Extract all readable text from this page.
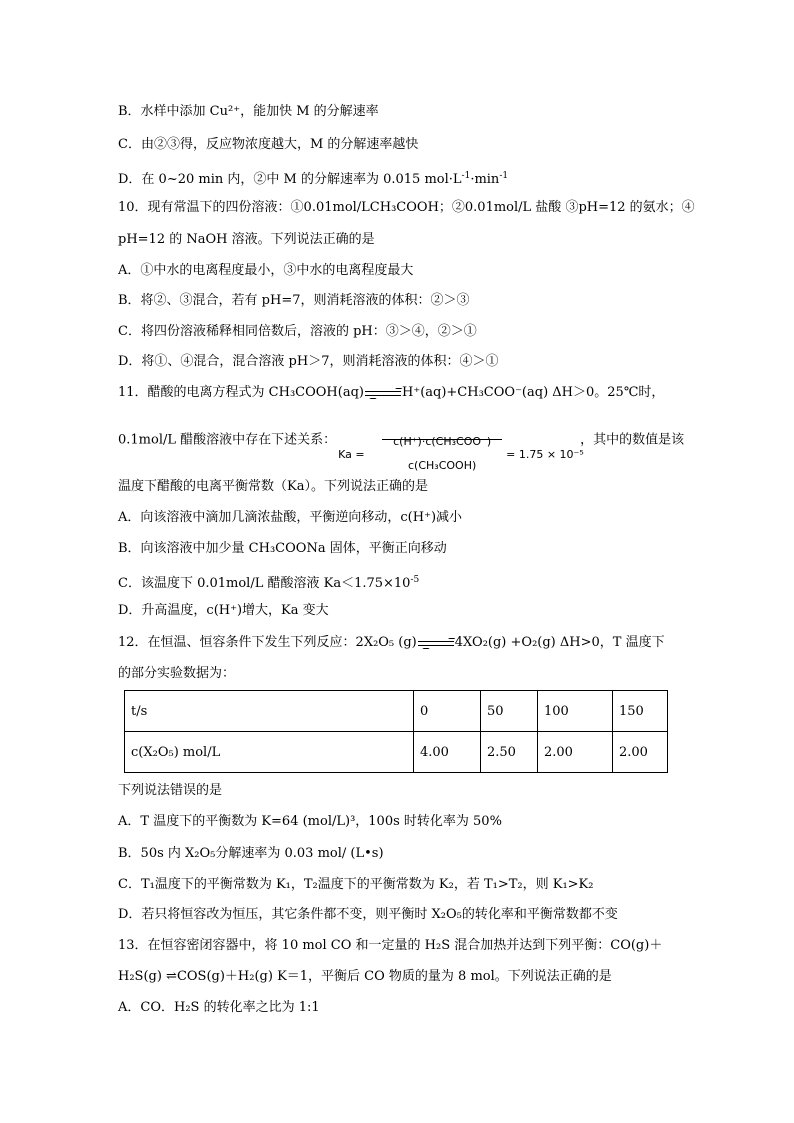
B．水样中添加 Cu²⁺，能加快 M 的分解速率
C．由②③得，反应物浓度越大，M 的分解速率越快
D．在 0~20 min 内，②中 M 的分解速率为 0.015 $mol\cdot L^{-1}\cdot\min^{-1}$
10．现有常温下的四份溶液：①0.01mol/LCH₃COOH；②0.01mol/L 盐酸 ③pH=12 的氨水；④
pH=12 的 NaOH 溶液。下列说法正确的是
A．①中水的电离程度最小，③中水的电离程度最大
B．将②、③混合，若有 pH=7，则消耗溶液的体积：②＞③
C．将四份溶液稀释相同倍数后，溶液的 pH：③＞④，②＞①
D．将①、④混合，混合溶液 pH＞7，则消耗溶液的体积：④＞①
11．醋酸的电离方程式为 CH₃COOH(aq)→H⁺(aq)+CH₃COO⁻(aq) ΔH＞0。25℃时，
0.1mol/L 醋酸溶液中存在下述关系：
Ka =
c(H⁺)·c(CH₃COO⁻)
c(CH₃COOH)
= 1.75 × 10⁻⁵
，其中的数值是该
温度下醋酸的电离平衡常数（Ka）。下列说法正确的是
A．向该溶液中滴加几滴浓盐酸，平衡逆向移动，c(H⁺)减小
B．向该溶液中加少量 CH₃COONa 固体，平衡正向移动
C．该温度下 0.01mol/L 醋酸溶液 $Ka<1.75\times 10^{-5}$
D．升高温度，c(H⁺)增大，Ka 变大
12．在恒温、恒容条件下发生下列反应：2X₂O₅ (g)→4XO₂(g) +O₂(g) ΔH>0，T 温度下
的部分实验数据为：
t/s	0	50	100	150
c(X₂O₅) mol/L	4.00	2.50	2.00	2.00
下列说法错误的是
A．T 温度下的平衡数为 K=64 (mol/L)³，100s 时转化率为 50%
B．50s 内 X₂O₅分解速率为 0.03 mol/ (L•s)
C．T₁温度下的平衡常数为 K₁，T₂温度下的平衡常数为 K₂，若 T₁>T₂，则 K₁>K₂
D．若只将恒容改为恒压，其它条件都不变，则平衡时 X₂O₅的转化率和平衡常数都不变
13．在恒容密闭容器中，将 10 mol CO 和一定量的 H₂S 混合加热并达到下列平衡：CO(g)＋
H₂S(g) ⇌COS(g)＋H₂(g) K＝1，平衡后 CO 物质的量为 8 mol。下列说法正确的是
A．CO．H₂S 的转化率之比为 1:1
